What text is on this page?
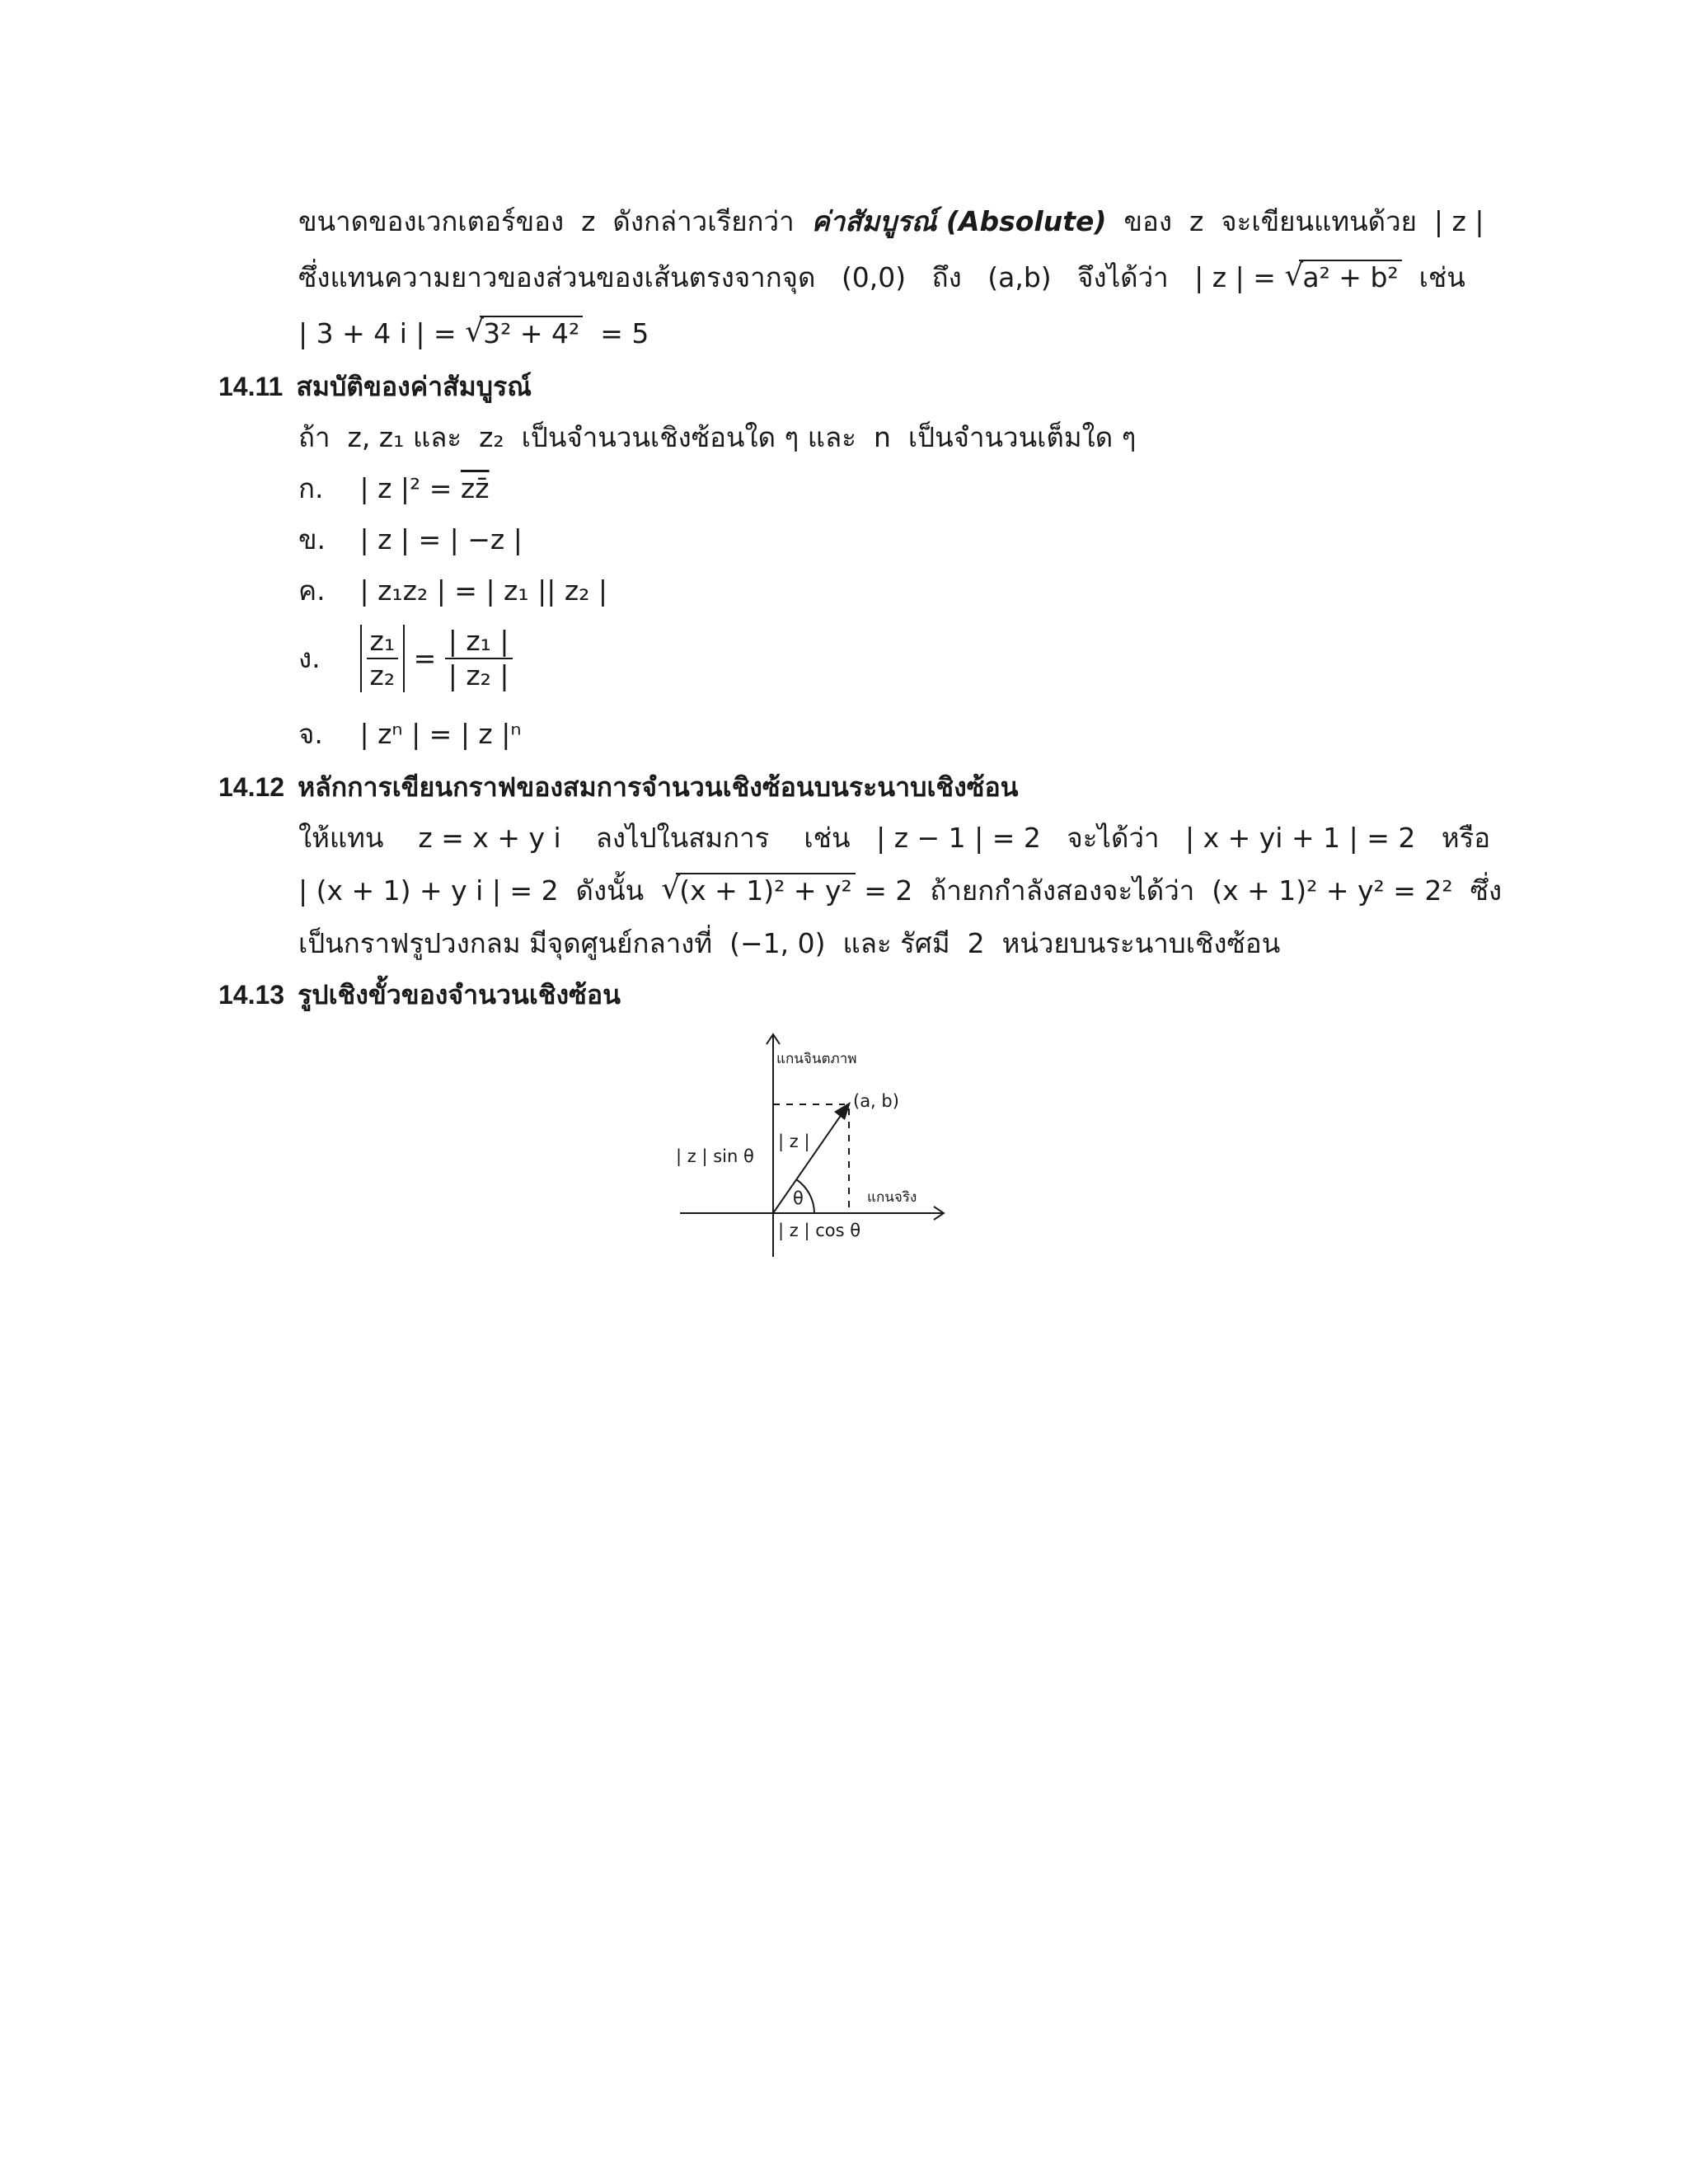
ขนาดของเวกเตอร์ของ z ดังกล่าวเรียกว่า ค่าสัมบูรณ์ (Absolute) ของ z จะเขียนแทนด้วย | z |
ซึ่งแทนความยาวของส่วนของเส้นตรงจากจุด (0,0) ถึง (a,b) จึงได้ว่า | z | = √ a² + b² เช่น
| 3 + 4 i | = √ 3² + 4² = 5
14.11 สมบัติของค่าสัมบูรณ์
ถ้า z, z₁ และ z₂ เป็นจำนวนเชิงซ้อนใด ๆ และ n เป็นจำนวนเต็มใด ๆ
ก. | z |² = zz̄
ข. | z | = | −z |
ค. | z₁z₂ | = | z₁ || z₂ |
ง. $\frac{\text{z₁}}{\text{z₂}} = \frac{\text{| z₁ |}}{\text{| z₂ |}}$
จ. | zⁿ | = | z |ⁿ
14.12 หลักการเขียนกราฟของสมการจำนวนเชิงซ้อนบนระนาบเชิงซ้อน
ให้แทน z = x + y i ลงไปในสมการ เช่น | z − 1 | = 2 จะได้ว่า | x + yi + 1 | = 2 หรือ
| (x + 1) + y i | = 2 ดังนั้น √ (x + 1)² + y² = 2 ถ้ายกกำลังสองจะได้ว่า (x + 1)² + y² = 2² ซึ่ง
เป็นกราฟรูปวงกลม มีจุดศูนย์กลางที่ (−1, 0) และ รัศมี 2 หน่วยบนระนาบเชิงซ้อน
14.13 รูปเชิงขั้วของจำนวนเชิงซ้อน
แกนจินตภาพ
(a, b)
| z |
| z | sin θ
θ	แกนจริง
| z | cos θ
